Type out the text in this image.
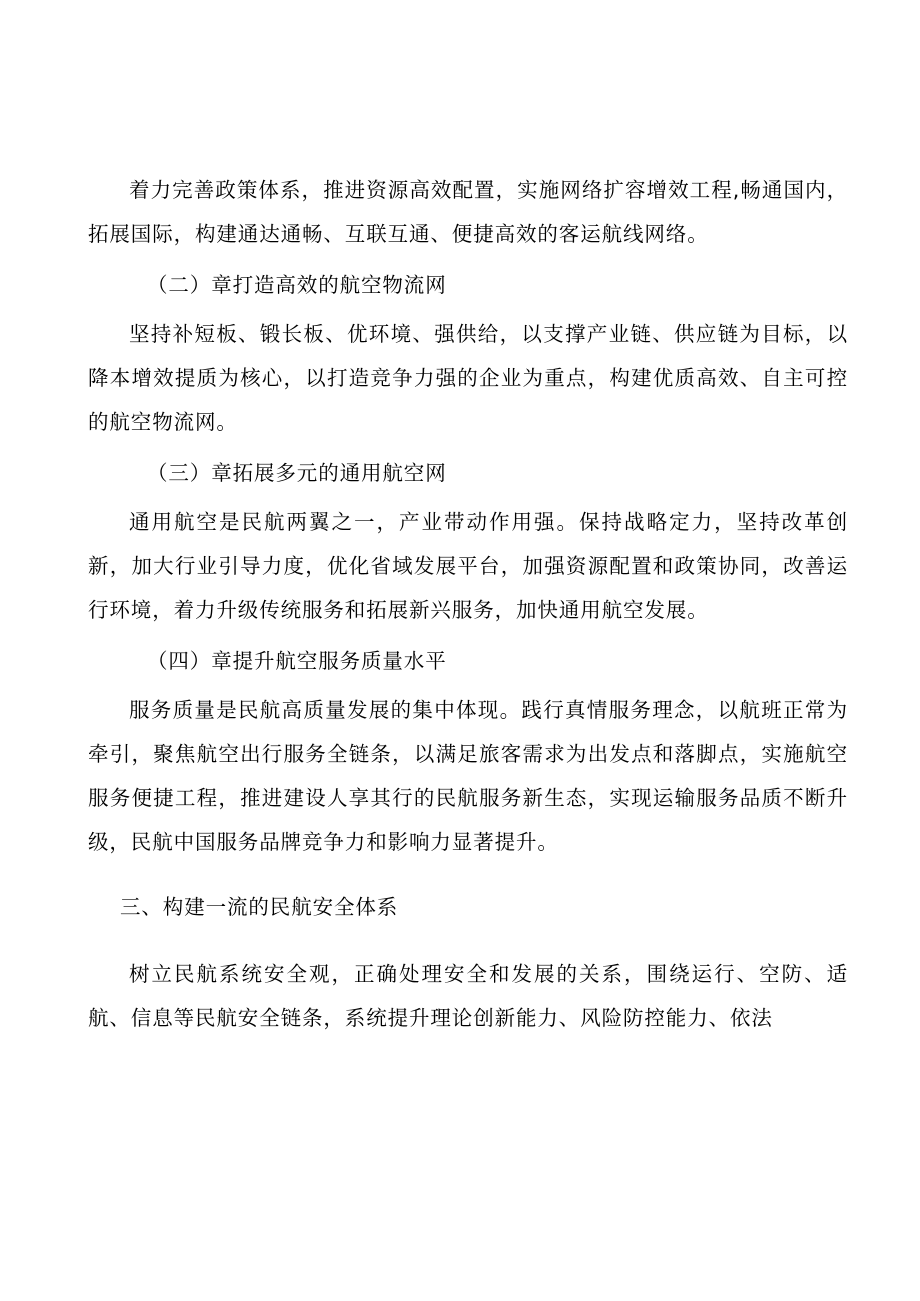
着力完善政策体系，推进资源高效配置，实施网络扩容增效工程,畅通国内，拓展国际，构建通达通畅、互联互通、便捷高效的客运航线网络。

（二）章打造高效的航空物流网

坚持补短板、锻长板、优环境、强供给，以支撑产业链、供应链为目标，以降本增效提质为核心，以打造竞争力强的企业为重点，构建优质高效、自主可控的航空物流网。

（三）章拓展多元的通用航空网

通用航空是民航两翼之一，产业带动作用强。保持战略定力，坚持改革创新，加大行业引导力度，优化省域发展平台，加强资源配置和政策协同，改善运行环境，着力升级传统服务和拓展新兴服务，加快通用航空发展。

（四）章提升航空服务质量水平

服务质量是民航高质量发展的集中体现。践行真情服务理念，以航班正常为牵引，聚焦航空出行服务全链条，以满足旅客需求为出发点和落脚点，实施航空服务便捷工程，推进建设人享其行的民航服务新生态，实现运输服务品质不断升级，民航中国服务品牌竞争力和影响力显著提升。

三、构建一流的民航安全体系

树立民航系统安全观，正确处理安全和发展的关系，围绕运行、空防、适航、信息等民航安全链条，系统提升理论创新能力、风险防控能力、依法
